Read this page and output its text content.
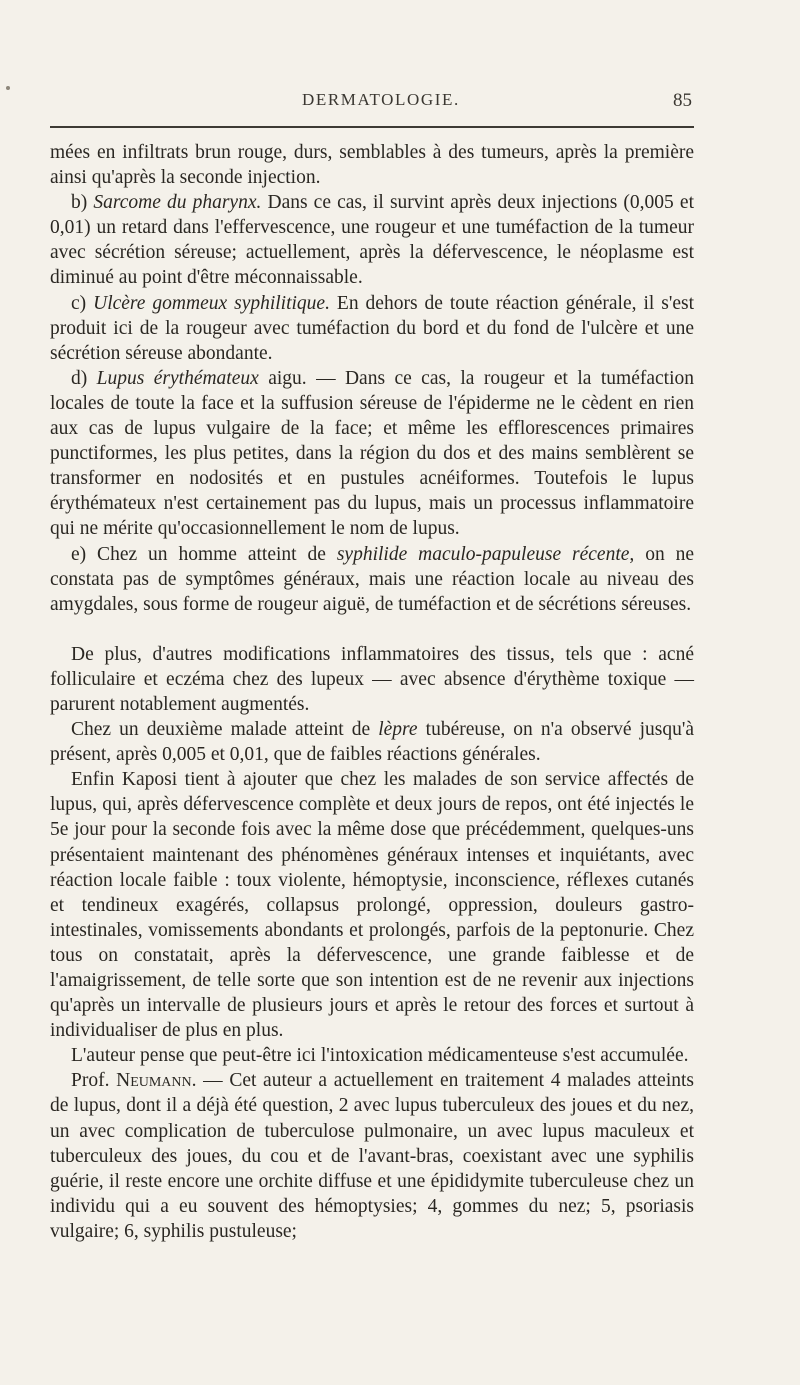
DERMATOLOGIE.	85

mées en infiltrats brun rouge, durs, semblables à des tumeurs, après la première ainsi qu'après la seconde injection.

b) Sarcome du pharynx. Dans ce cas, il survint après deux injections (0,005 et 0,01) un retard dans l'effervescence, une rougeur et une tuméfaction de la tumeur avec sécrétion séreuse; actuellement, après la défervescence, le néoplasme est diminué au point d'être méconnaissable.

c) Ulcère gommeux syphilitique. En dehors de toute réaction générale, il s'est produit ici de la rougeur avec tuméfaction du bord et du fond de l'ulcère et une sécrétion séreuse abondante.

d) Lupus érythémateux aigu. — Dans ce cas, la rougeur et la tuméfaction locales de toute la face et la suffusion séreuse de l'épiderme ne le cèdent en rien aux cas de lupus vulgaire de la face; et même les efflorescences primaires punctiformes, les plus petites, dans la région du dos et des mains semblèrent se transformer en nodosités et en pustules acnéiformes. Toutefois le lupus érythémateux n'est certainement pas du lupus, mais un processus inflammatoire qui ne mérite qu'occasionnellement le nom de lupus.

e) Chez un homme atteint de syphilide maculo-papuleuse récente, on ne constata pas de symptômes généraux, mais une réaction locale au niveau des amygdales, sous forme de rougeur aiguë, de tuméfaction et de sécrétions séreuses.

De plus, d'autres modifications inflammatoires des tissus, tels que : acné folliculaire et eczéma chez des lupeux — avec absence d'érythème toxique — parurent notablement augmentés.

Chez un deuxième malade atteint de lèpre tubéreuse, on n'a observé jusqu'à présent, après 0,005 et 0,01, que de faibles réactions générales.

Enfin Kaposi tient à ajouter que chez les malades de son service affectés de lupus, qui, après défervescence complète et deux jours de repos, ont été injectés le 5e jour pour la seconde fois avec la même dose que précédemment, quelques-uns présentaient maintenant des phénomènes généraux intenses et inquiétants, avec réaction locale faible : toux violente, hémoptysie, inconscience, réflexes cutanés et tendineux exagérés, collapsus prolongé, oppression, douleurs gastro-intestinales, vomissements abondants et prolongés, parfois de la peptonurie. Chez tous on constatait, après la défervescence, une grande faiblesse et de l'amaigrissement, de telle sorte que son intention est de ne revenir aux injections qu'après un intervalle de plusieurs jours et après le retour des forces et surtout à individualiser de plus en plus.

L'auteur pense que peut-être ici l'intoxication médicamenteuse s'est accumulée.

Prof. Neumann. — Cet auteur a actuellement en traitement 4 malades atteints de lupus, dont il a déjà été question, 2 avec lupus tuberculeux des joues et du nez, un avec complication de tuberculose pulmonaire, un avec lupus maculeux et tuberculeux des joues, du cou et de l'avant-bras, coexistant avec une syphilis guérie, il reste encore une orchite diffuse et une épididymite tuberculeuse chez un individu qui a eu souvent des hémoptysies; 4, gommes du nez; 5, psoriasis vulgaire; 6, syphilis pustuleuse;
